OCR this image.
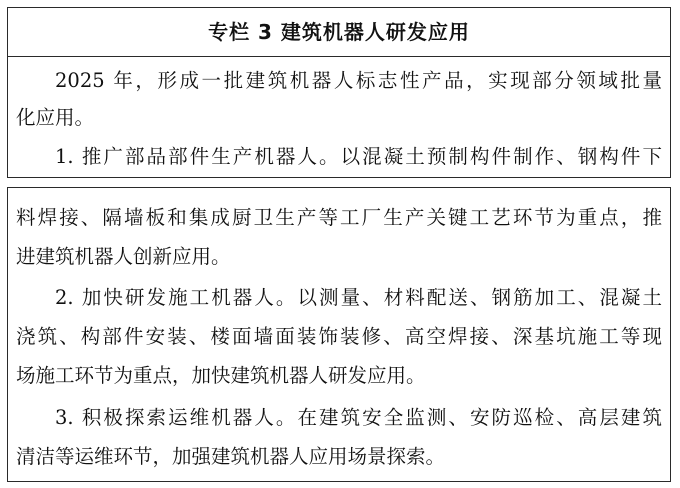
专栏 3 建筑机器人研发应用
2025 年，形成一批建筑机器人标志性产品，实现部分领域批量
化应用。
1. 推广部品部件生产机器人。以混凝土预制构件制作、钢构件下
料焊接、隔墙板和集成厨卫生产等工厂生产关键工艺环节为重点，推
进建筑机器人创新应用。
2. 加快研发施工机器人。以测量、材料配送、钢筋加工、混凝土
浇筑、构部件安装、楼面墙面装饰装修、高空焊接、深基坑施工等现
场施工环节为重点，加快建筑机器人研发应用。
3. 积极探索运维机器人。在建筑安全监测、安防巡检、高层建筑
清洁等运维环节，加强建筑机器人应用场景探索。
